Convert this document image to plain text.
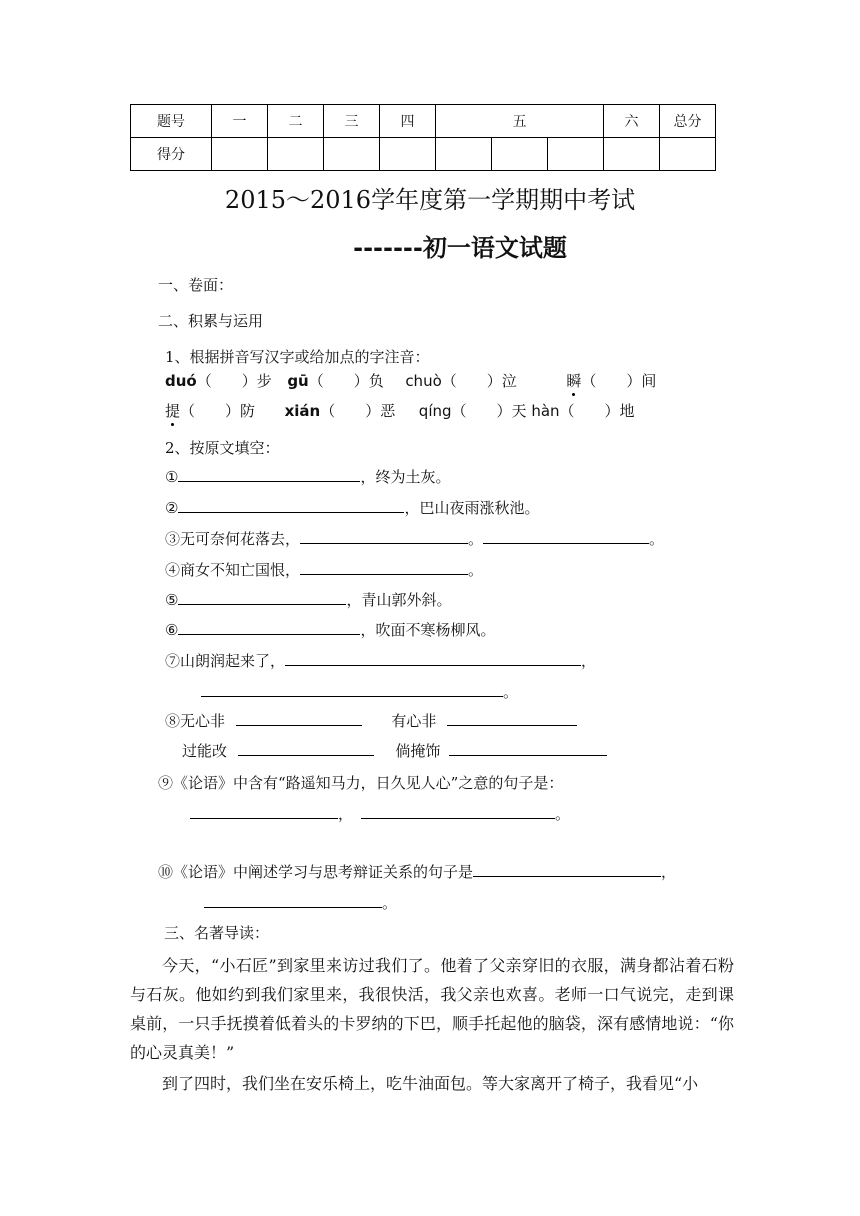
题号	一	二	三	四	五			六	总分
得分									
2015～2016学年度第一学期期中考试
-------初一语文试题
一、卷面：
二、积累与运用
1、根据拼音写汉字或给加点的字注音：
duó（　　）步 gū（　　）负 chuò（　　）泣	瞬（　　）间
提（　　）防 xián（　　）恶 qíng（　　）天 hàn（　　）地
2、按原文填空：
①	，终为土灰。
②	，巴山夜雨涨秋池。
③无可奈何花落去，	。	。
④商女不知亡国恨，	。
⑤	，青山郭外斜。
⑥	，吹面不寒杨柳风。
⑦山朗润起来了，	，
。
⑧无心非	有心非
过能改	倘掩饰
⑨《论语》中含有“路遥知马力，日久见人心”之意的句子是：
，	。
⑩《论语》中阐述学习与思考辩证关系的句子是	，
。
三、名著导读：
今天，“小石匠”到家里来访过我们了。他着了父亲穿旧的衣服，满身都沾着石粉与石灰。他如约到我们家里来，我很快活，我父亲也欢喜。老师一口气说完，走到课桌前，一只手抚摸着低着头的卡罗纳的下巴，顺手托起他的脑袋，深有感情地说：“你的心灵真美！”
到了四时，我们坐在安乐椅上，吃牛油面包。等大家离开了椅子，我看见“小
